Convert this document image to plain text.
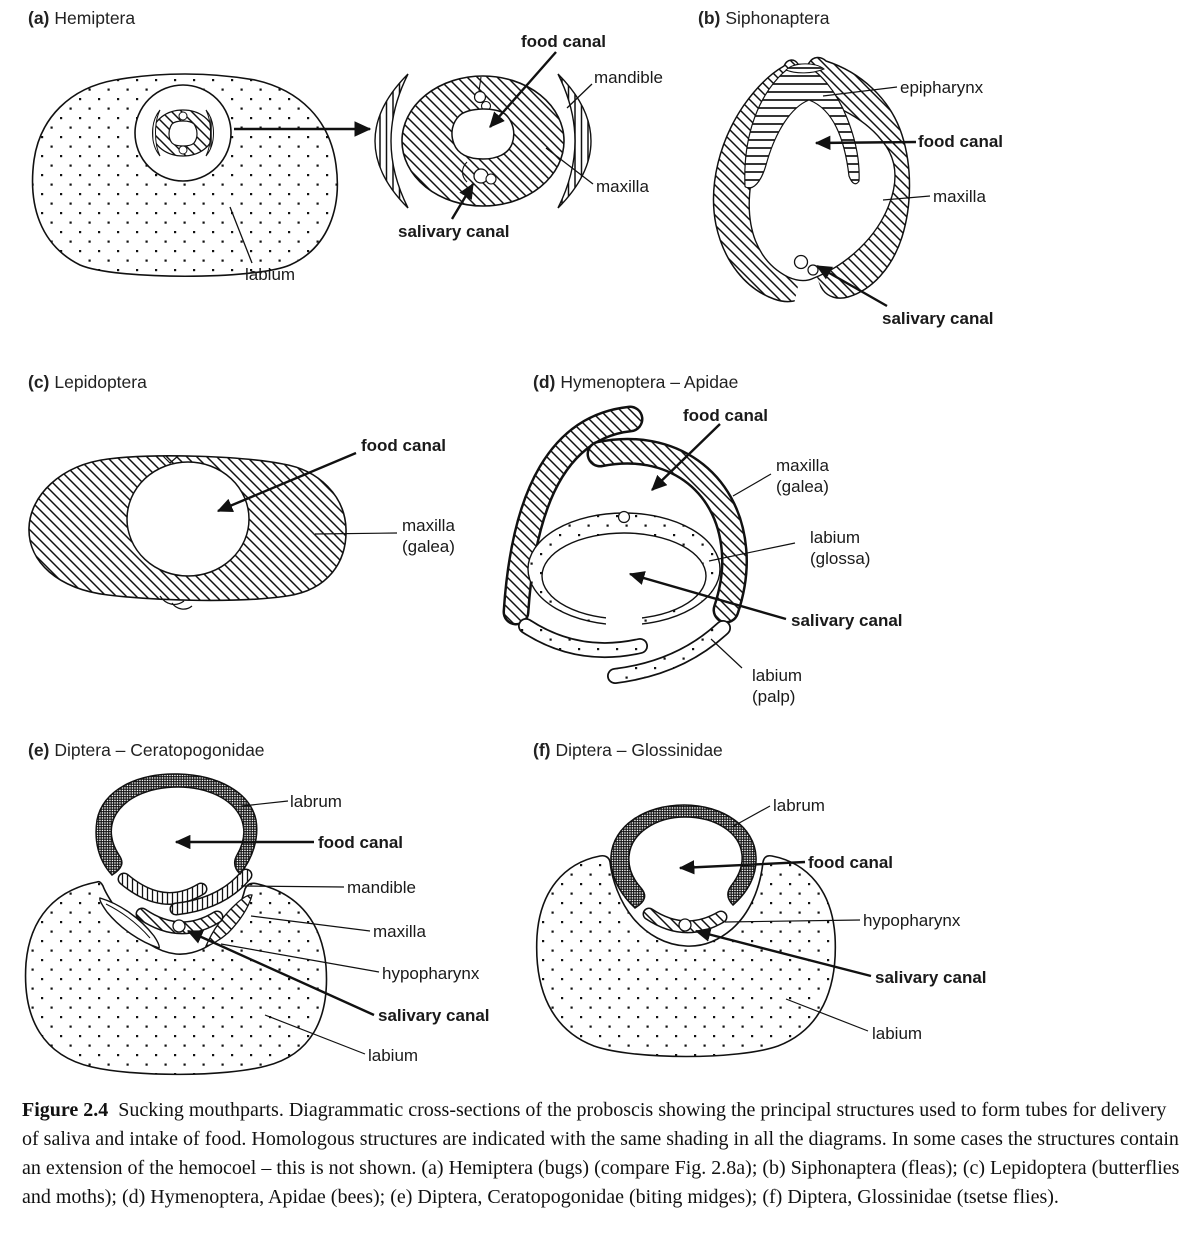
(a) Hemiptera
food canal
mandible
maxilla
salivary canal
labium
(b) Siphonaptera
epipharynx
food canal
maxilla
salivary canal
(c) Lepidoptera
food canal
maxilla
(galea)
(d) Hymenoptera – Apidae
food canal
maxilla
(galea)
labium
(glossa)
salivary canal
labium
(palp)
(e) Diptera – Ceratopogonidae
labrum
food canal
mandible
maxilla
hypopharynx
salivary canal
labium
(f) Diptera – Glossinidae
labrum
food canal
hypopharynx
salivary canal
labium
Figure 2.4 Sucking mouthparts. Diagrammatic cross-sections of the proboscis showing the principal structures used to form tubes for delivery of saliva and intake of food. Homologous structures are indicated with the same shading in all the diagrams. In some cases the structures contain an extension of the hemocoel – this is not shown. (a) Hemiptera (bugs) (compare Fig. 2.8a); (b) Siphonaptera (fleas); (c) Lepidoptera (butterflies and moths); (d) Hymenoptera, Apidae (bees); (e) Diptera, Ceratopogonidae (biting midges); (f) Diptera, Glossinidae (tsetse flies).
